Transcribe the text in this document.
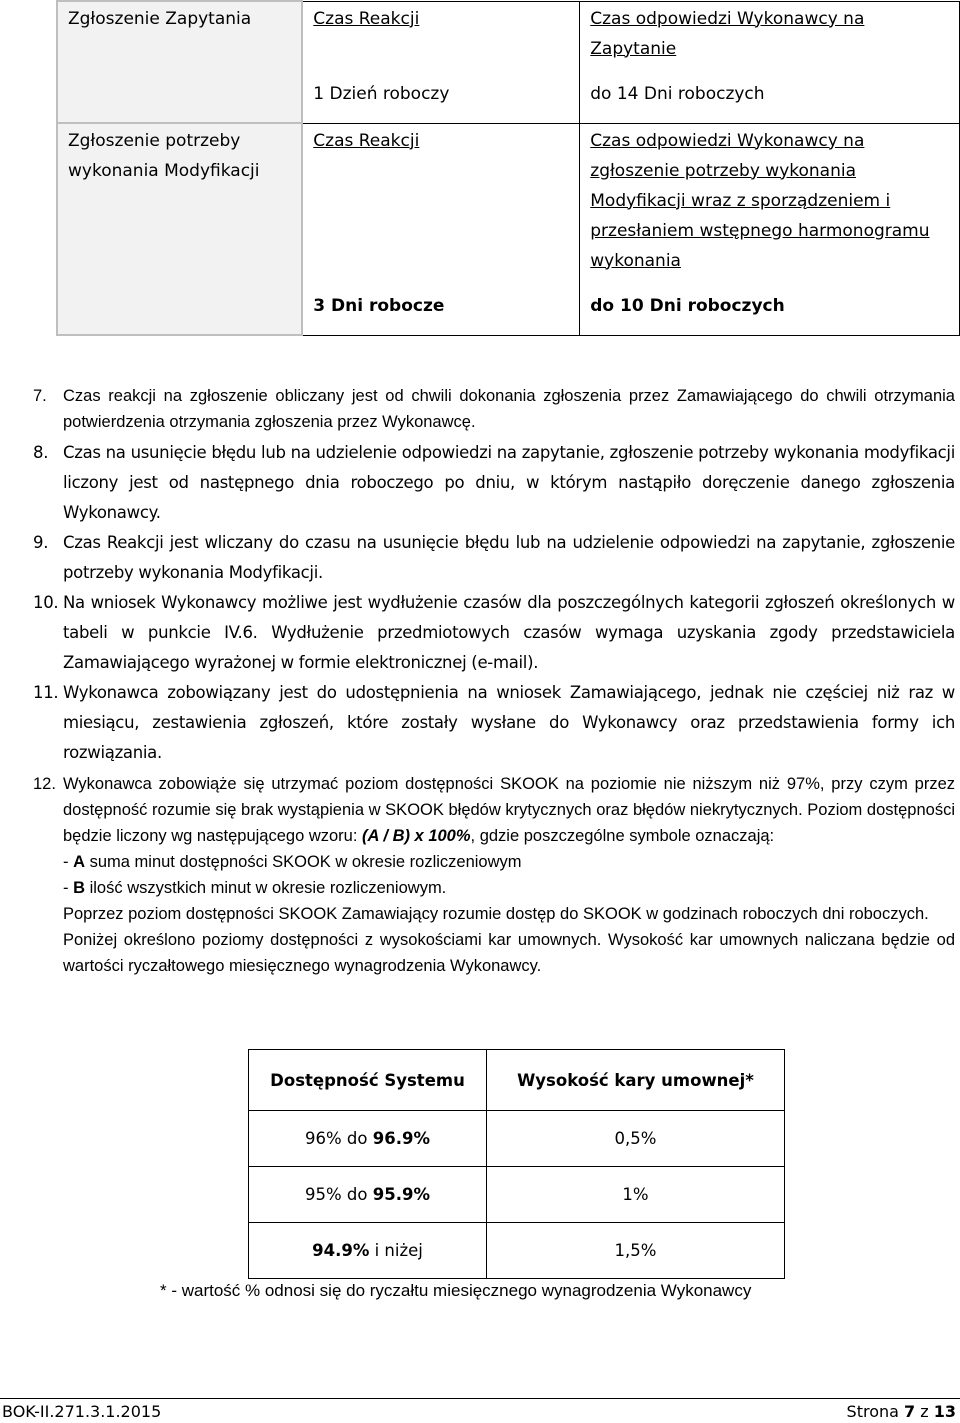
Zgłoszenie Zapytania	Czas Reakcji	Czas odpowiedzi Wykonawcy na Zapytanie
	1 Dzień roboczy	do 14 Dni roboczych
Zgłoszenie potrzeby wykonania Modyfikacji	Czas Reakcji	Czas odpowiedzi Wykonawcy na zgłoszenie potrzeby wykonania Modyfikacji wraz z sporządzeniem i przesłaniem wstępnego harmonogramu wykonania
	3 Dni robocze	do 10 Dni roboczych
7. Czas reakcji na zgłoszenie obliczany jest od chwili dokonania zgłoszenia przez Zamawiającego do chwili otrzymania potwierdzenia otrzymania zgłoszenia przez Wykonawcę.
8. Czas na usunięcie błędu lub na udzielenie odpowiedzi na zapytanie, zgłoszenie potrzeby wykonania modyfikacji liczony jest od następnego dnia roboczego po dniu, w którym nastąpiło doręczenie danego zgłoszenia Wykonawcy.
9. Czas Reakcji jest wliczany do czasu na usunięcie błędu lub na udzielenie odpowiedzi na zapytanie, zgłoszenie potrzeby wykonania Modyfikacji.
10. Na wniosek Wykonawcy możliwe jest wydłużenie czasów dla poszczególnych kategorii zgłoszeń określonych w tabeli w punkcie IV.6. Wydłużenie przedmiotowych czasów wymaga uzyskania zgody przedstawiciela Zamawiającego wyrażonej w formie elektronicznej (e-mail).
11. Wykonawca zobowiązany jest do udostępnienia na wniosek Zamawiającego, jednak nie częściej niż raz w miesiącu, zestawienia zgłoszeń, które zostały wysłane do Wykonawcy oraz przedstawienia formy ich rozwiązania.
12. Wykonawca zobowiąże się utrzymać poziom dostępności SKOOK na poziomie nie niższym niż 97%, przy czym przez dostępność rozumie się brak wystąpienia w SKOOK błędów krytycznych oraz błędów niekrytycznych. Poziom dostępności będzie liczony wg następującego wzoru: (A / B) x 100%, gdzie poszczególne symbole oznaczają:

- A suma minut dostępności SKOOK w okresie rozliczeniowym

- B ilość wszystkich minut w okresie rozliczeniowym.

Poprzez poziom dostępności SKOOK Zamawiający rozumie dostęp do SKOOK w godzinach roboczych dni roboczych.

Poniżej określono poziomy dostępności z wysokościami kar umownych. Wysokość kar umownych naliczana będzie od wartości ryczałtowego miesięcznego wynagrodzenia Wykonawcy.

Dostępność Systemu	Wysokość kary umownej*
96% do 96.9%	0,5%
95% do 95.9%	1%
94.9% i niżej	1,5%
* - wartość % odnosi się do ryczałtu miesięcznego wynagrodzenia Wykonawcy
BOK-II.271.3.1.2015	Strona 7 z 13
